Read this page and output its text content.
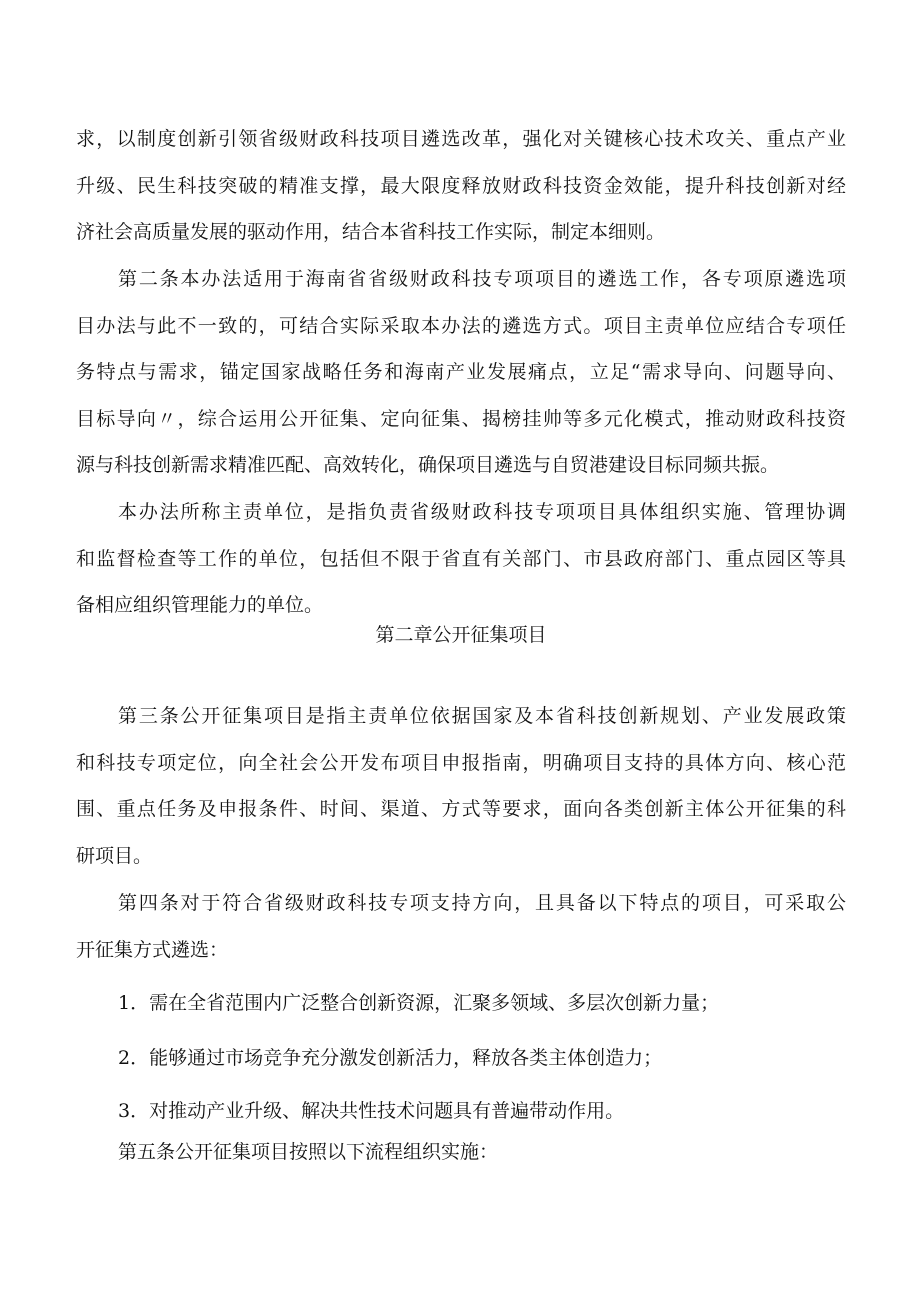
求，以制度创新引领省级财政科技项目遴选改革，强化对关键核心技术攻关、重点产业
升级、民生科技突破的精准支撑，最大限度释放财政科技资金效能，提升科技创新对经
济社会高质量发展的驱动作用，结合本省科技工作实际，制定本细则。
第二条本办法适用于海南省省级财政科技专项项目的遴选工作，各专项原遴选项
目办法与此不一致的，可结合实际采取本办法的遴选方式。项目主责单位应结合专项任
务特点与需求，锚定国家战略任务和海南产业发展痛点，立足“需求导向、问题导向、
目标导向〃，综合运用公开征集、定向征集、揭榜挂帅等多元化模式，推动财政科技资
源与科技创新需求精准匹配、高效转化，确保项目遴选与自贸港建设目标同频共振。
本办法所称主责单位，是指负责省级财政科技专项项目具体组织实施、管理协调
和监督检查等工作的单位，包括但不限于省直有关部门、市县政府部门、重点园区等具
备相应组织管理能力的单位。
第二章公开征集项目
第三条公开征集项目是指主责单位依据国家及本省科技创新规划、产业发展政策
和科技专项定位，向全社会公开发布项目申报指南，明确项目支持的具体方向、核心范
围、重点任务及申报条件、时间、渠道、方式等要求，面向各类创新主体公开征集的科
研项目。
第四条对于符合省级财政科技专项支持方向，且具备以下特点的项目，可采取公
开征集方式遴选：
1．需在全省范围内广泛整合创新资源，汇聚多领域、多层次创新力量；
2．能够通过市场竞争充分激发创新活力，释放各类主体创造力；
3．对推动产业升级、解决共性技术问题具有普遍带动作用。
第五条公开征集项目按照以下流程组织实施：
